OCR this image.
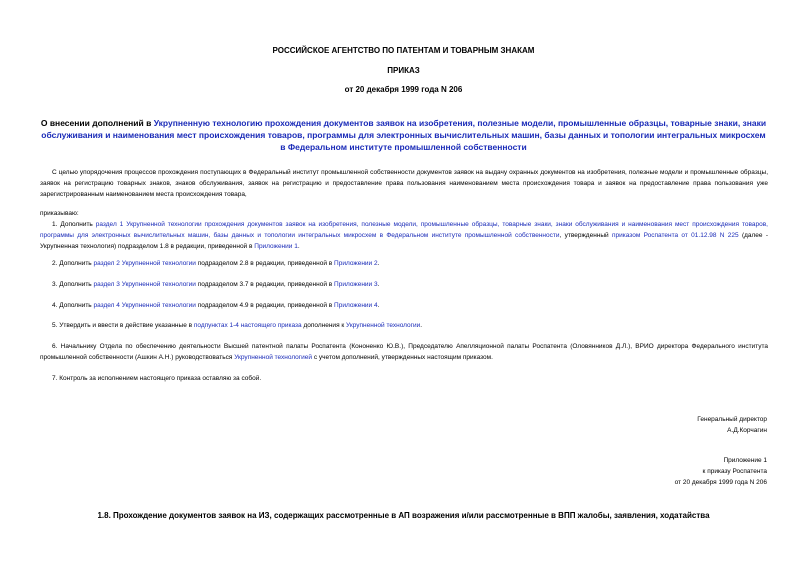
РОССИЙСКОЕ АГЕНТСТВО ПО ПАТЕНТАМ И ТОВАРНЫМ ЗНАКАМ
ПРИКАЗ
от 20 декабря 1999 года N 206
О внесении дополнений в Укрупненную технологию прохождения документов заявок на изобретения, полезные модели, промышленные образцы, товарные знаки, знаки обслуживания и наименования мест происхождения товаров, программы для электронных вычислительных машин, базы данных и топологии интегральных микросхем в Федеральном институте промышленной собственности
С целью упорядочения процессов прохождения поступающих в Федеральный институт промышленной собственности документов заявок на выдачу охранных документов на изобретения, полезные модели и промышленные образцы, заявок на регистрацию товарных знаков, знаков обслуживания, заявок на регистрацию и предоставление права пользования наименованием места происхождения товара и заявок на предоставление права пользования уже зарегистрированным наименованием места происхождения товара,
приказываю:
1. Дополнить раздел 1 Укрупненной технологии прохождения документов заявок на изобретения, полезные модели, промышленные образцы, товарные знаки, знаки обслуживания и наименования мест происхождения товаров, программы для электронных вычислительных машин, базы данных и топологии интегральных микросхем в Федеральном институте промышленной собственности, утвержденный приказом Роспатента от 01.12.98 N 225 (далее - Укрупненная технология) подразделом 1.8 в редакции, приведенной в Приложении 1.
2. Дополнить раздел 2 Укрупненной технологии подразделом 2.8 в редакции, приведенной в Приложении 2.
3. Дополнить раздел 3 Укрупненной технологии подразделом 3.7 в редакции, приведенной в Приложении 3.
4. Дополнить раздел 4 Укрупненной технологии подразделом 4.9 в редакции, приведенной в Приложении 4.
5. Утвердить и ввести в действие указанные в подпунктах 1-4 настоящего приказа дополнения к Укрупненной технологии.
6. Начальнику Отдела по обеспечению деятельности Высшей патентной палаты Роспатента (Кононенко Ю.В.), Председателю Апелляционной палаты Роспатента (Оловянников Д.Л.), ВРИО директора Федерального института промышленной собственности (Ашкин А.Н.) руководствоваться Укрупненной технологией с учетом дополнений, утвержденных настоящим приказом.
7. Контроль за исполнением настоящего приказа оставляю за собой.
Генеральный директор
А.Д.Корчагин
Приложение 1
к приказу Роспатента
от 20 декабря 1999 года N 206
1.8. Прохождение документов заявок на ИЗ, содержащих рассмотренные в АП возражения и/или рассмотренные в ВПП жалобы, заявления, ходатайства
